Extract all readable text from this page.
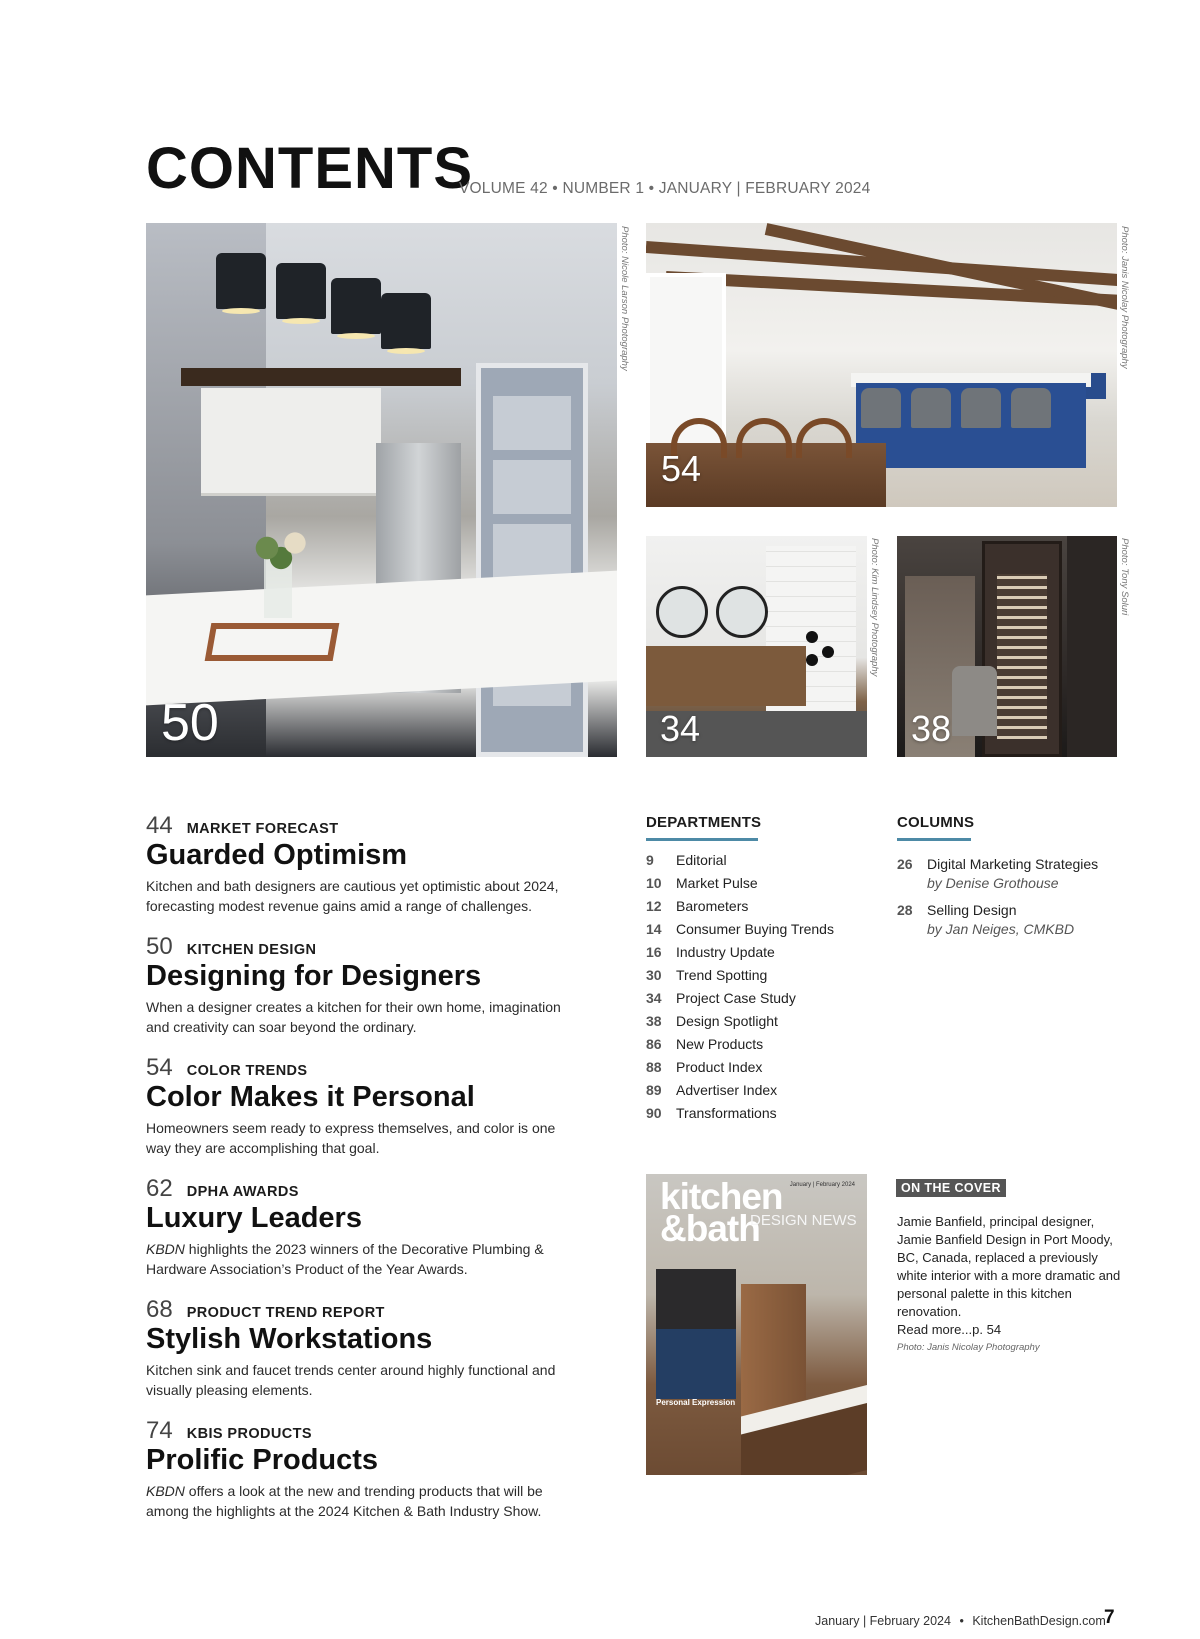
CONTENTS
VOLUME 42 • NUMBER 1 • JANUARY | FEBRUARY 2024
50
Photo: Nicole Larson Photography
54
Photo: Janis Nicolay Photography
34
Photo: Kim Lindsey Photography
38
Photo: Tony Soluri
44 MARKET FORECAST
Guarded Optimism
Kitchen and bath designers are cautious yet optimistic about 2024, forecasting modest revenue gains amid a range of challenges.
50 KITCHEN DESIGN
Designing for Designers
When a designer creates a kitchen for their own home, imagination and creativity can soar beyond the ordinary.
54 COLOR TRENDS
Color Makes it Personal
Homeowners seem ready to express themselves, and color is one way they are accomplishing that goal.
62 DPHA AWARDS
Luxury Leaders
KBDN highlights the 2023 winners of the Decorative Plumbing & Hardware Association’s Product of the Year Awards.
68 PRODUCT TREND REPORT
Stylish Workstations
Kitchen sink and faucet trends center around highly functional and visually pleasing elements.
74 KBIS PRODUCTS
Prolific Products
KBDN offers a look at the new and trending products that will be among the highlights at the 2024 Kitchen & Bath Industry Show.
DEPARTMENTS
9	Editorial
10	Market Pulse
12	Barometers
14	Consumer Buying Trends
16	Industry Update
30	Trend Spotting
34	Project Case Study
38	Design Spotlight
86	New Products
88	Product Index
89	Advertiser Index
90	Transformations
COLUMNS
26	Digital Marketing Strategies
by Denise Grothouse
28	Selling Design
by Jan Neiges, CMKBD
kitchen
&bath
DESIGN NEWS
January | February 2024
Personal Expression
ON THE COVER
Jamie Banfield, principal designer, Jamie Banfield Design in Port Moody, BC, Canada, replaced a previously white interior with a more dramatic and personal palette in this kitchen renovation.
Read more...p. 54
Photo: Janis Nicolay Photography
January | February 2024 • KitchenBathDesign.com
7
